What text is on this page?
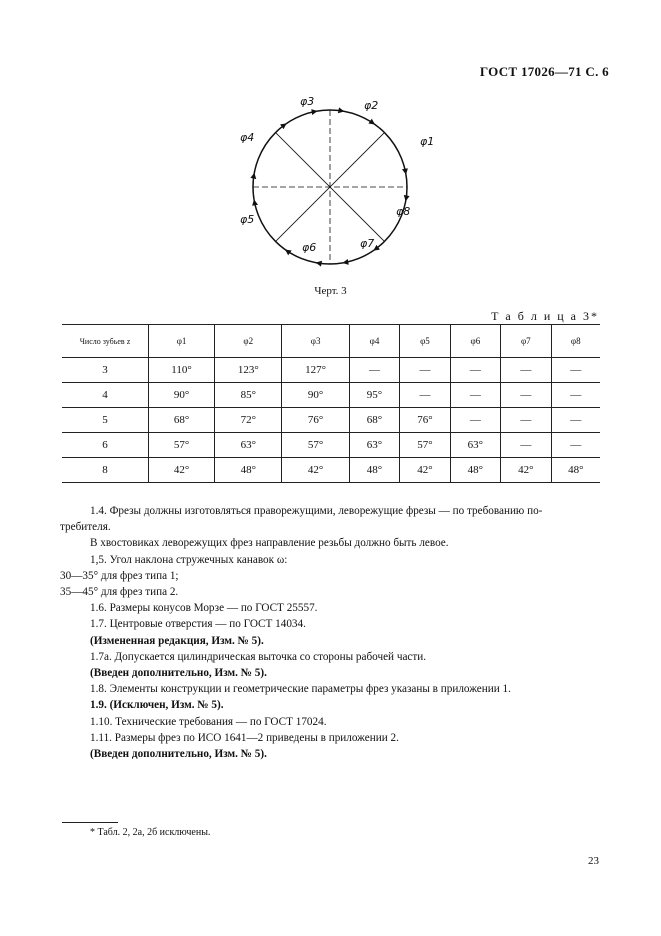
ГОСТ 17026—71 С. 6
φ1
φ2
φ3
φ4
φ5
φ6	φ7
φ8
Черт. 3
Т а б л и ц а 3*
Число зубьев z	φ1	φ2	φ3	φ4	φ5	φ6	φ7	φ8
3	110°	123°	127°	—	—	—	—	—
4	90°	85°	90°	95°	—	—	—	—
5	68°	72°	76°	68°	76°	—	—	—
6	57°	63°	57°	63°	57°	63°	—	—
8	42°	48°	42°	48°	42°	48°	42°	48°

1.4. Фрезы должны изготовляться праворежущими, леворежущие фрезы — по требованию по-

требителя.

В хвостовиках леворежущих фрез направление резьбы должно быть левое.

1,5. Угол наклона стружечных канавок ω:

30—35° для фрез типа 1;

35—45° для фрез типа 2.

1.6. Размеры конусов Морзе — по ГОСТ 25557.

1.7. Центровые отверстия — по ГОСТ 14034.

(Измененная редакция, Изм. № 5).

1.7а. Допускается цилиндрическая выточка со стороны рабочей части.

(Введен дополнительно, Изм. № 5).

1.8. Элементы конструкции и геометрические параметры фрез указаны в приложении 1.

1.9. (Исключен, Изм. № 5).

1.10. Технические требования — по ГОСТ 17024.

1.11. Размеры фрез по ИСО 1641—2 приведены в приложении 2.

(Введен дополнительно, Изм. № 5).

* Табл. 2, 2а, 2б исключены.
23
